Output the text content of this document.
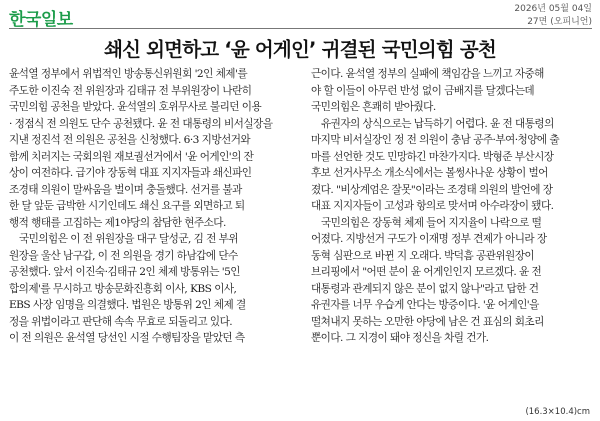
한국일보
2026년 05월 04일
27면 (오피니언)
쇄신 외면하고 ‘윤 어게인’ 귀결된 국민의힘 공천
윤석열 정부에서 위법적인 방송통신위원회 '2인 체제'를
주도한 이진숙 전 위원장과 김태규 전 부위원장이 나란히
국민의힘 공천을 받았다. 윤석열의 호위무사로 불리던 이용
· 정점식 전 의원도 단수 공천됐다. 윤 전 대통령의 비서실장을
지낸 정진석 전 의원은 공천을 신청했다. 6·3 지방선거와
함께 치러지는 국회의원 재보궐선거에서 '윤 어게인'의 잔
상이 여전하다. 급기야 장동혁 대표 지지자들과 쇄신파인
조경태 의원이 말싸움을 벌이며 충돌했다. 선거를 불과
한 달 앞둔 급박한 시기인데도 쇄신 요구를 외면하고 퇴
행적 행태를 고집하는 제1야당의 참담한 현주소다.
국민의힘은 이 전 위원장을 대구 달성군, 김 전 부위
원장을 울산 남구갑, 이 전 의원을 경기 하남갑에 단수
공천했다. 앞서 이진숙·김태규 2인 체제 방통위는 '5인
합의제'를 무시하고 방송문화진흥회 이사, KBS 이사,
EBS 사장 임명을 의결했다. 법원은 방통위 2인 체제 결
정을 위법이라고 판단해 속속 무효로 되돌리고 있다.
이 전 의원은 윤석열 당선인 시절 수행팀장을 맡았던 측
근이다. 윤석열 정부의 실패에 책임감을 느끼고 자중해
야 할 이들이 아무런 반성 없이 금배지를 달겠다는데
국민의힘은 흔쾌히 받아줬다.
유권자의 상식으로는 납득하기 어렵다. 윤 전 대통령의
마지막 비서실장인 정 전 의원이 충남 공주·부여·청양에 출
마를 선언한 것도 민망하긴 마찬가지다. 박형준 부산시장
후보 선거사무소 개소식에서는 볼썽사나운 상황이 벌어
졌다. "비상계엄은 잘못"이라는 조경태 의원의 발언에 장
대표 지지자들이 고성과 항의로 맞서며 아수라장이 됐다.
국민의힘은 장동혁 체제 들어 지지율이 나락으로 떨
어졌다. 지방선거 구도가 이재명 정부 견제가 아니라 장
동혁 심판으로 바뀐 지 오래다. 박덕흠 공관위원장이
브리핑에서 "어떤 분이 윤 어게인인지 모르겠다. 윤 전
대통령과 관계되지 않은 분이 없지 않나"라고 답한 건
유권자를 너무 우습게 안다는 방증이다. '윤 어게인'을
떨쳐내지 못하는 오만한 야당에 남은 건 표심의 회초리
뿐이다. 그 지경이 돼야 정신을 차릴 건가.
(16.3×10.4)cm
